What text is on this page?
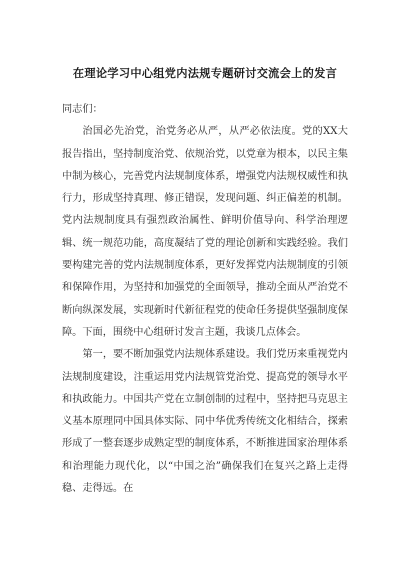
在理论学习中心组党内法规专题研讨交流会上的发言

同志们：

治国必先治党，治党务必从严，从严必依法度。党的XX大报告指出，坚持制度治党、依规治党，以党章为根本，以民主集中制为核心，完善党内法规制度体系，增强党内法规权威性和执行力，形成坚持真理、修正错误，发现问题、纠正偏差的机制。党内法规制度具有强烈政治属性、鲜明价值导向、科学治理逻辑、统一规范功能，高度凝结了党的理论创新和实践经验。我们要构建完善的党内法规制度体系，更好发挥党内法规制度的引领和保障作用，为坚持和加强党的全面领导，推动全面从严治党不断向纵深发展，实现新时代新征程党的使命任务提供坚强制度保障。下面，围绕中心组研讨发言主题，我谈几点体会。

第一，要不断加强党内法规体系建设。我们党历来重视党内法规制度建设，注重运用党内法规管党治党、提高党的领导水平和执政能力。中国共产党在立制创制的过程中，坚持把马克思主义基本原理同中国具体实际、同中华优秀传统文化相结合，探索形成了一整套逐步成熟定型的制度体系，不断推进国家治理体系和治理能力现代化，以“中国之治”确保我们在复兴之路上走得稳、走得远。在
